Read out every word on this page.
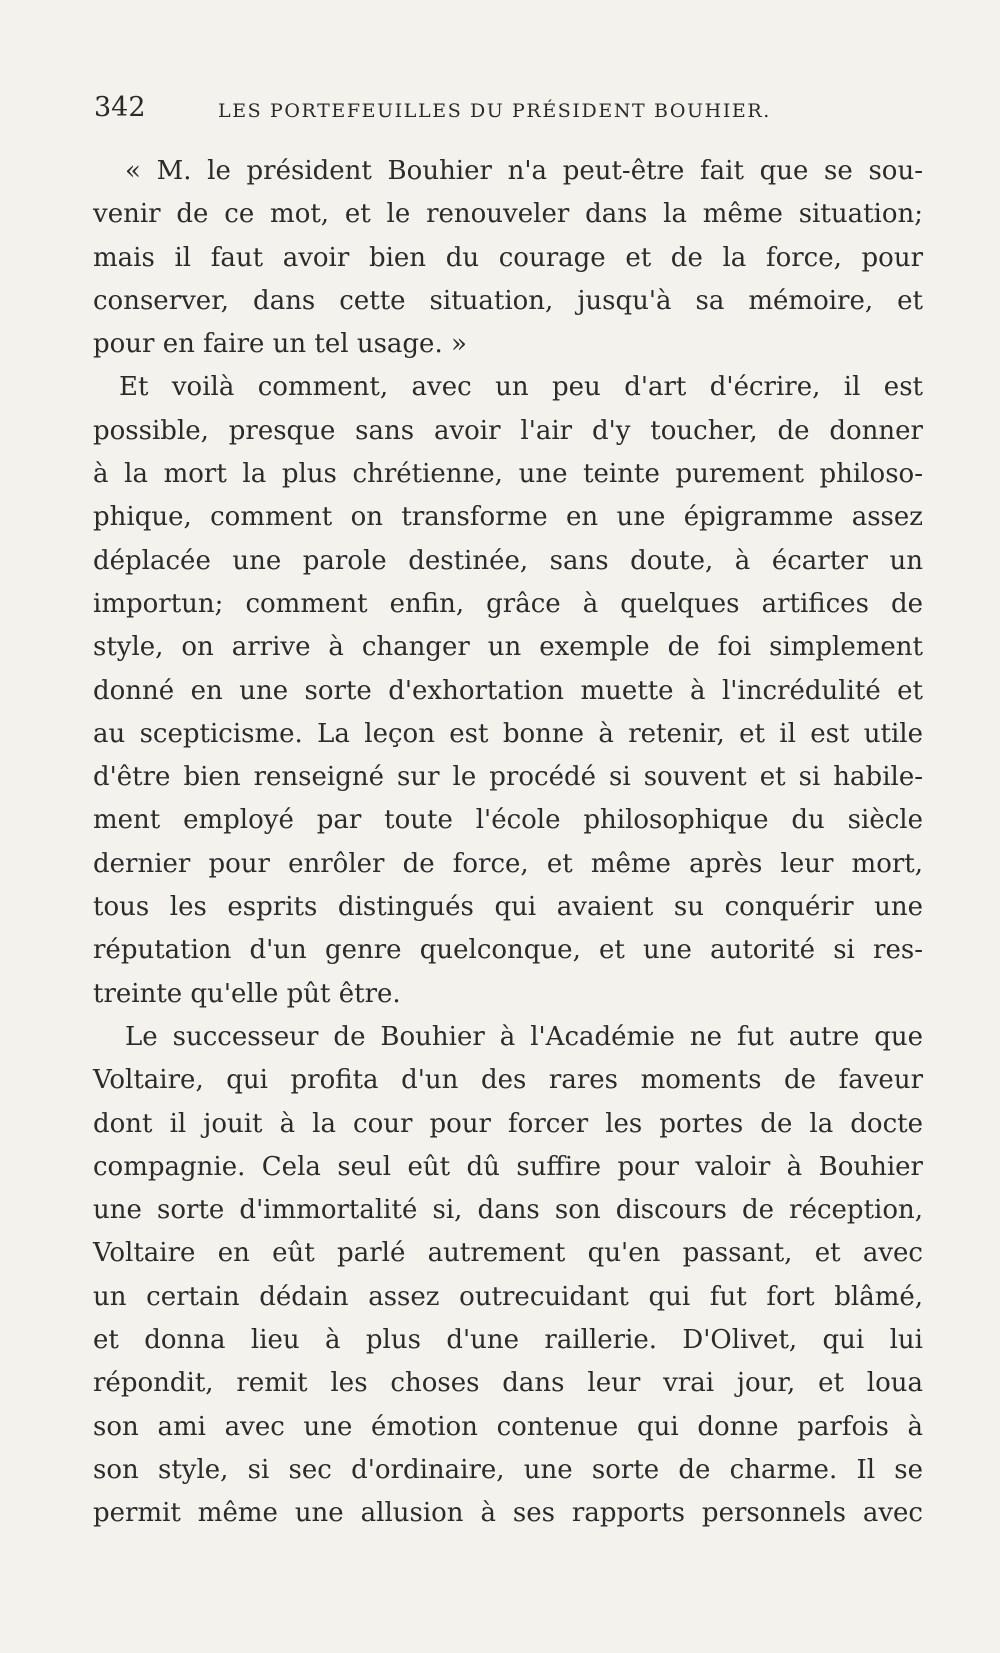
342	LES PORTEFEUILLES DU PRÉSIDENT BOUHIER.
« M. le président Bouhier n'a peut-être fait que se sou-
venir de ce mot, et le renouveler dans la même situation;
mais il faut avoir bien du courage et de la force, pour
conserver, dans cette situation, jusqu'à sa mémoire, et
pour en faire un tel usage. »
Et voilà comment, avec un peu d'art d'écrire, il est
possible, presque sans avoir l'air d'y toucher, de donner
à la mort la plus chrétienne, une teinte purement philoso-
phique, comment on transforme en une épigramme assez
déplacée une parole destinée, sans doute, à écarter un
importun; comment enfin, grâce à quelques artifices de
style, on arrive à changer un exemple de foi simplement
donné en une sorte d'exhortation muette à l'incrédulité et
au scepticisme. La leçon est bonne à retenir, et il est utile
d'être bien renseigné sur le procédé si souvent et si habile-
ment employé par toute l'école philosophique du siècle
dernier pour enrôler de force, et même après leur mort,
tous les esprits distingués qui avaient su conquérir une
réputation d'un genre quelconque, et une autorité si res-
treinte qu'elle pût être.
Le successeur de Bouhier à l'Académie ne fut autre que
Voltaire, qui profita d'un des rares moments de faveur
dont il jouit à la cour pour forcer les portes de la docte
compagnie. Cela seul eût dû suffire pour valoir à Bouhier
une sorte d'immortalité si, dans son discours de réception,
Voltaire en eût parlé autrement qu'en passant, et avec
un certain dédain assez outrecuidant qui fut fort blâmé,
et donna lieu à plus d'une raillerie. D'Olivet, qui lui
répondit, remit les choses dans leur vrai jour, et loua
son ami avec une émotion contenue qui donne parfois à
son style, si sec d'ordinaire, une sorte de charme. Il se
permit même une allusion à ses rapports personnels avec
